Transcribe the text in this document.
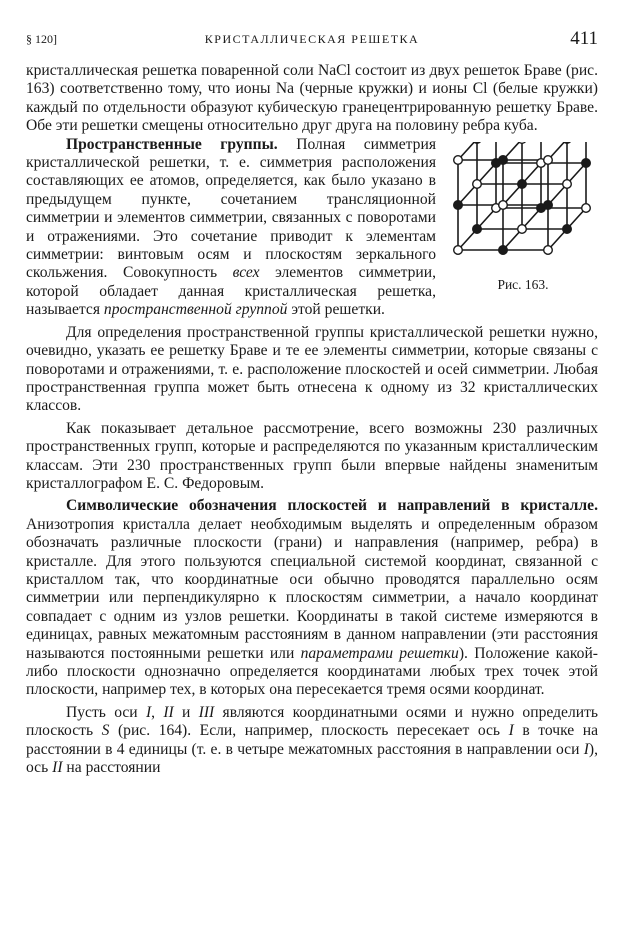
§ 120]	КРИСТАЛЛИЧЕСКАЯ РЕШЕТКА	411

кристаллическая решетка поваренной соли NaCl состоит из двух решеток Браве (рис. 163) соответственно тому, что ионы Na (черные кружки) и ионы Cl (белые кружки) каждый по отдельности образуют кубическую гранецентрированную решетку Браве. Обе эти решетки смещены относительно друг друга на половину ребра куба.

Рис. 163.

Пространственные группы. Полная симметрия кристаллической решетки, т. е. симметрия расположения составляющих ее атомов, определяется, как было указано в предыдущем пункте, сочетанием трансляционной симметрии и элементов симметрии, связанных с поворотами и отражениями. Это сочетание приводит к элементам симметрии: винтовым осям и плоскостям зеркального скольжения. Совокупность всех элементов симметрии, которой обладает данная кристаллическая решетка, называется пространственной группой этой решетки.

Для определения пространственной группы кристаллической решетки нужно, очевидно, указать ее решетку Браве и те ее элементы симметрии, которые связаны с поворотами и отражениями, т. е. расположение плоскостей и осей симметрии. Любая пространственная группа может быть отнесена к одному из 32 кристаллических классов.

Как показывает детальное рассмотрение, всего возможны 230 различных пространственных групп, которые и распределяются по указанным кристаллическим классам. Эти 230 пространственных групп были впервые найдены знаменитым кристаллографом Е. С. Федоровым.

Символические обозначения плоскостей и направлений в кристалле. Анизотропия кристалла делает необходимым выделять и определенным образом обозначать различные плоскости (грани) и направления (например, ребра) в кристалле. Для этого пользуются специальной системой координат, связанной с кристаллом так, что координатные оси обычно проводятся параллельно осям симметрии или перпендикулярно к плоскостям симметрии, а начало координат совпадает с одним из узлов решетки. Координаты в такой системе измеряются в единицах, равных межатомным расстояниям в данном направлении (эти расстояния называются постоянными решетки или параметрами решетки). Положение какой-либо плоскости однозначно определяется координатами любых трех точек этой плоскости, например тех, в которых она пересекается тремя осями координат.

Пусть оси I, II и III являются координатными осями и нужно определить плоскость S (рис. 164). Если, например, плоскость пересекает ось I в точке на расстоянии в 4 единицы (т. е. в четыре межатомных расстояния в направлении оси I), ось II на расстоянии
